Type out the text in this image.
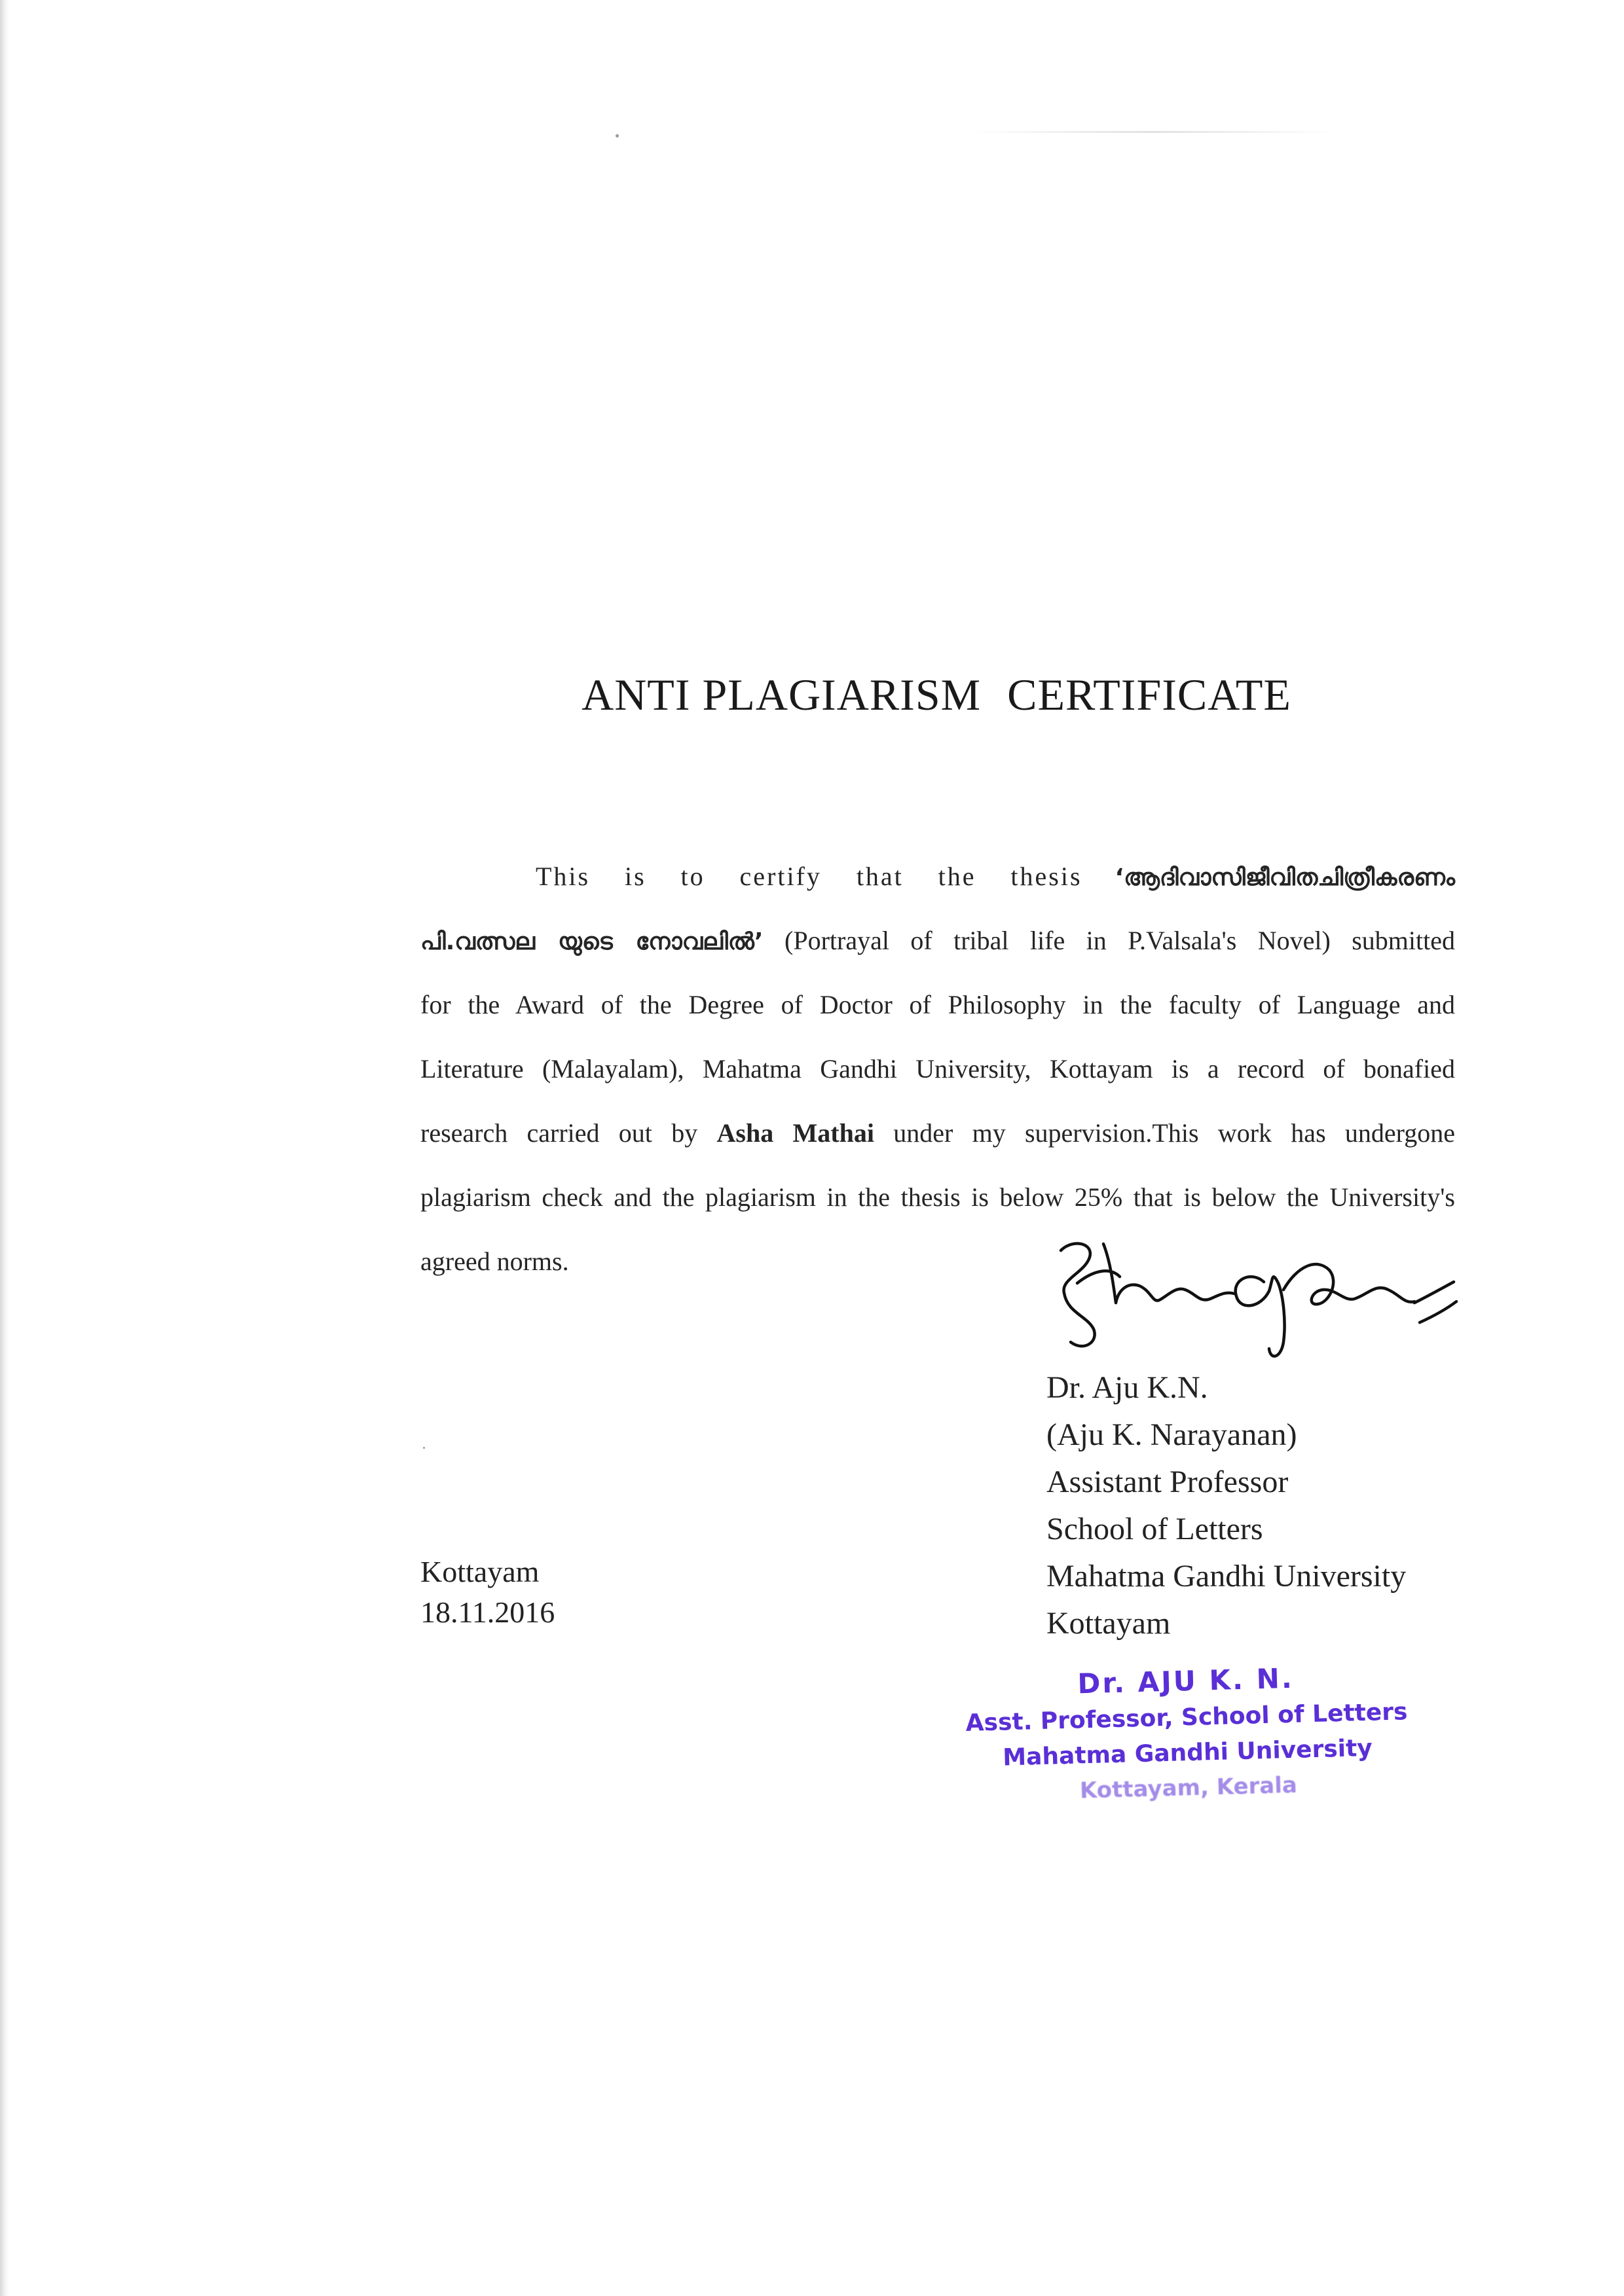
ANTI PLAGIARISM CERTIFICATE
This is to certify that the thesis ‘ആദിവാസിജീവിതചിത്രീകരണം
പി.വത്സല യുടെ നോവലിൽ’ (Portrayal of tribal life in P.Valsala's Novel) submitted
for the Award of the Degree of Doctor of Philosophy in the faculty of Language and
Literature (Malayalam), Mahatma Gandhi University, Kottayam is a record of bonafied
research carried out by Asha Mathai under my supervision.This work has undergone
plagiarism check and the plagiarism in the thesis is below 25% that is below the University's
agreed norms.
Dr. Aju K.N.
(Aju K. Narayanan)
Assistant Professor
School of Letters
Mahatma Gandhi University
Kottayam
Kottayam
18.11.2016
Dr. AJU K. N.
Asst. Professor, School of Letters
Mahatma Gandhi University
Kottayam, Kerala
